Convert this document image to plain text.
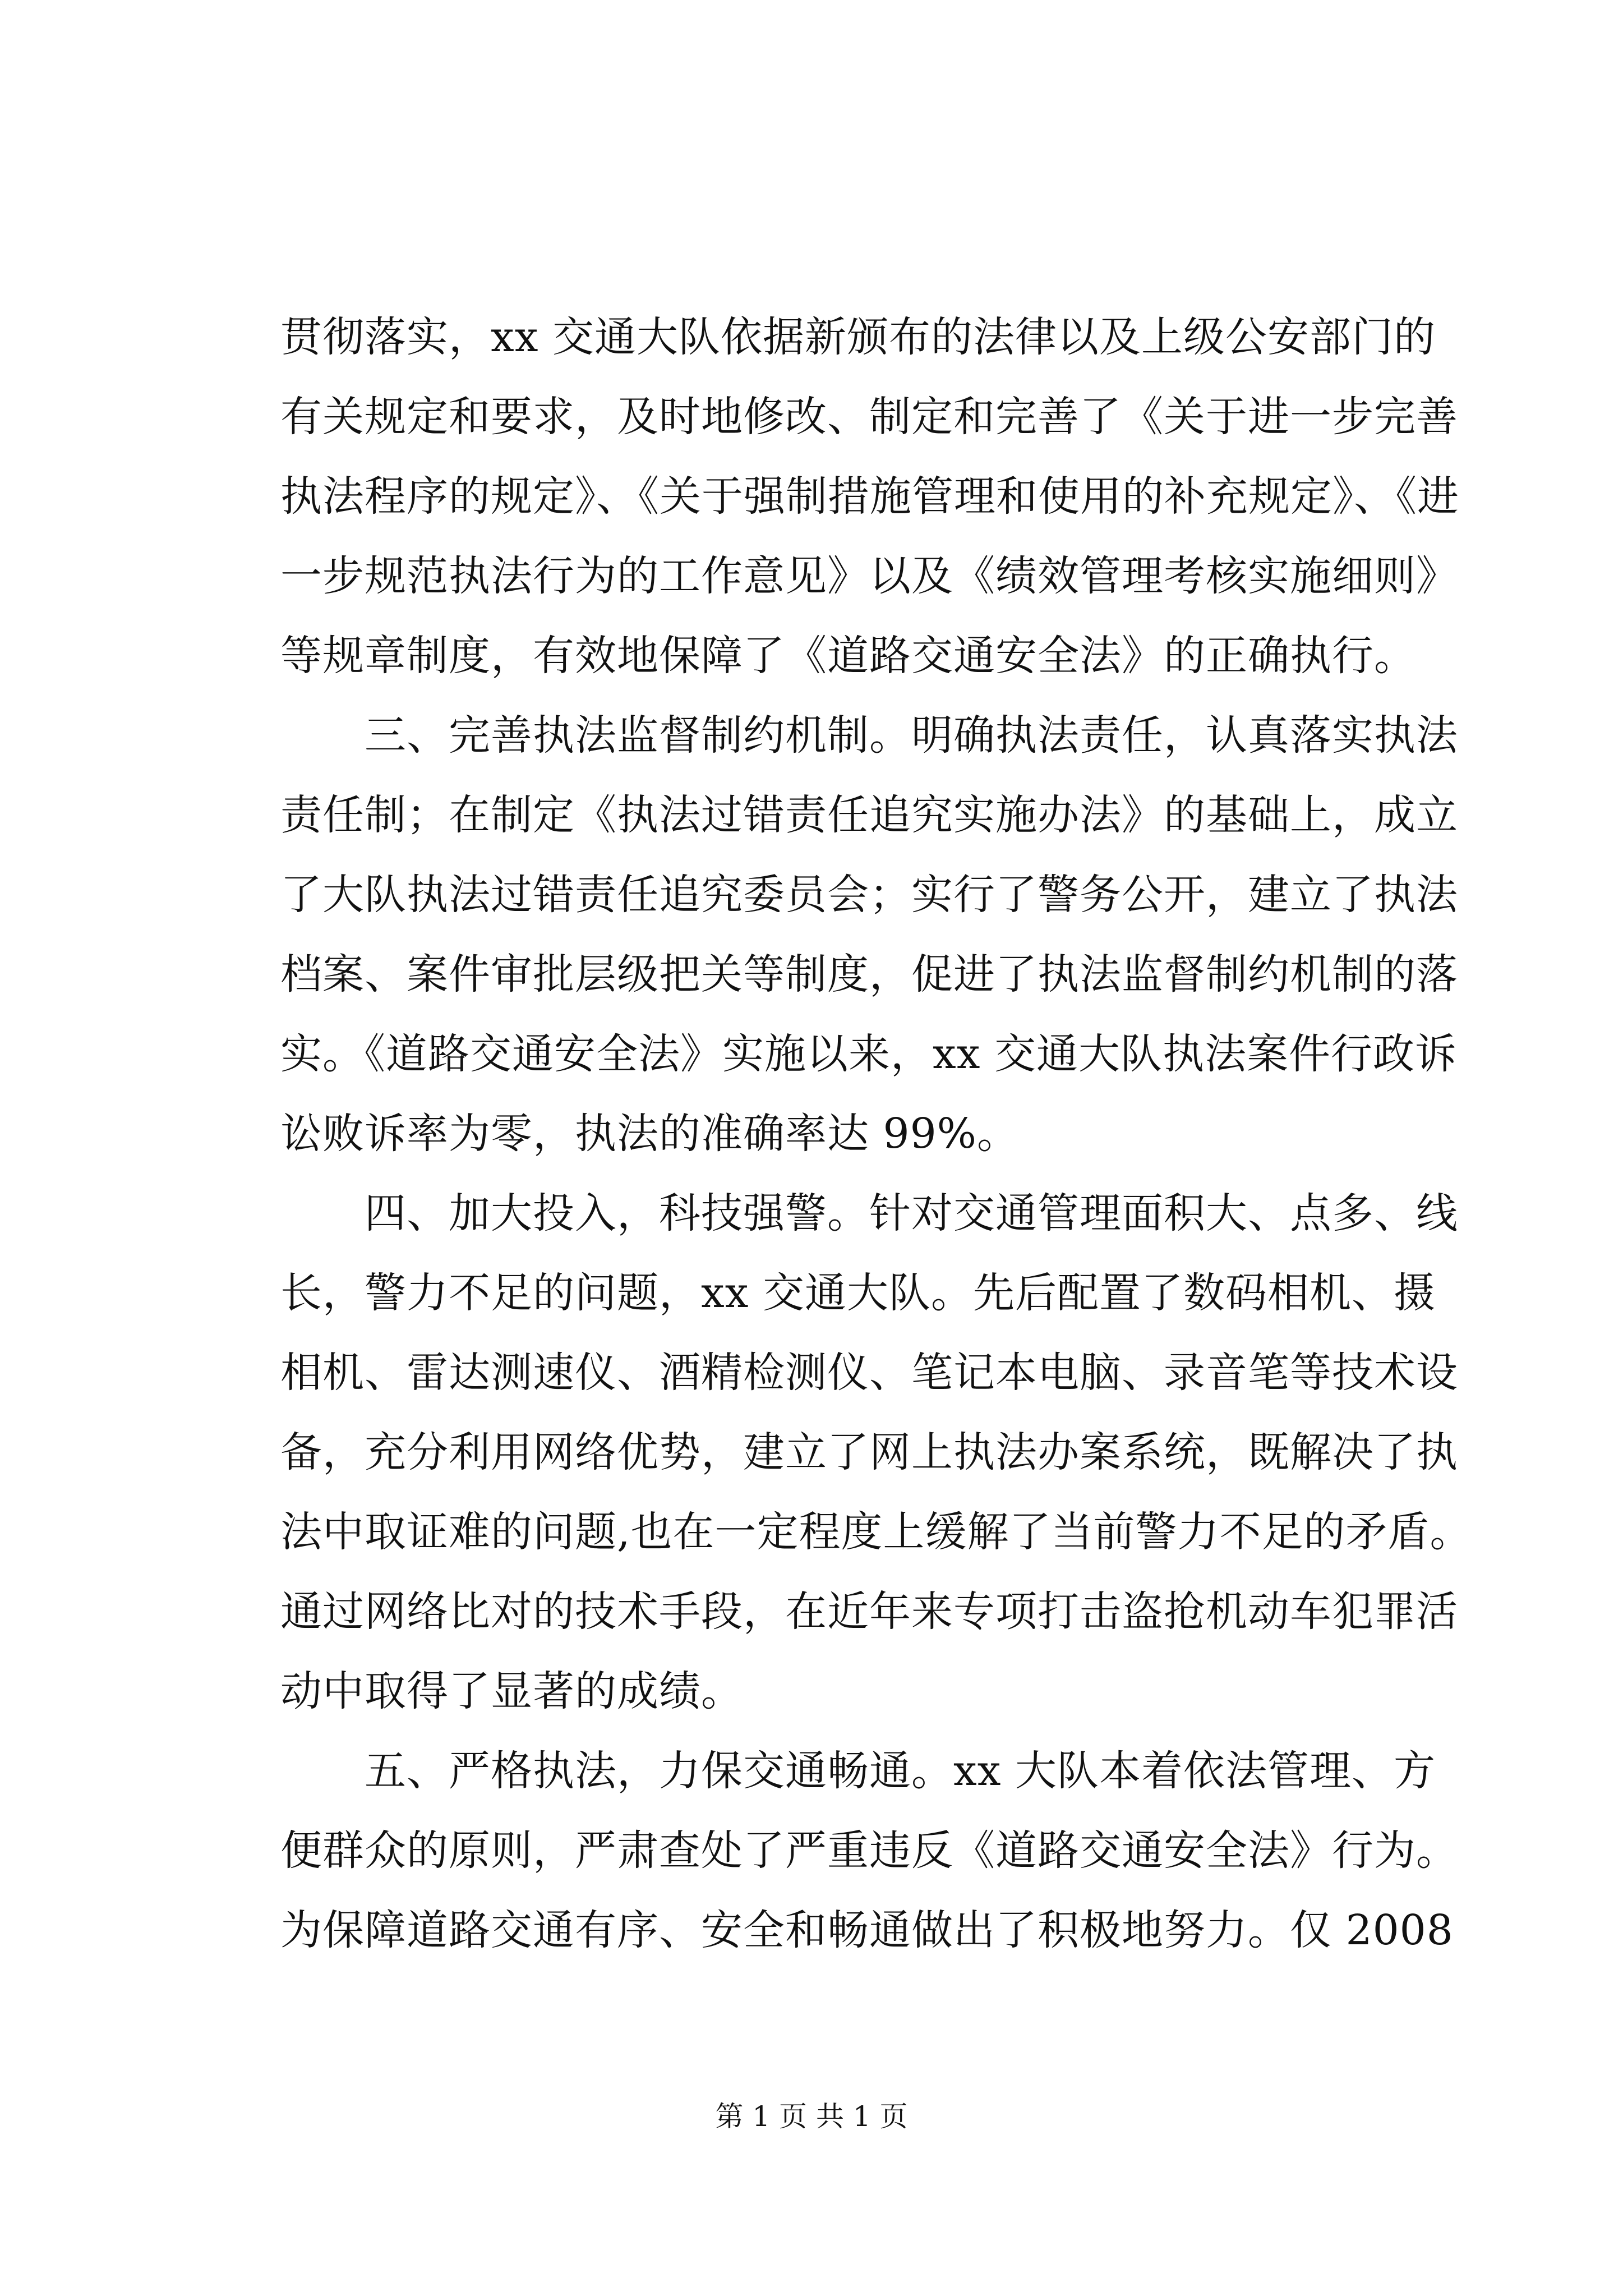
贯彻落实，xx 交通大队依据新颁布的法律以及上级公安部门的
有关规定和要求，及时地修改、制定和完善了《关于进一步完善
执法程序的规定》、《关于强制措施管理和使用的补充规定》、《进
一步规范执法行为的工作意见》以及《绩效管理考核实施细则》
等规章制度，有效地保障了《道路交通安全法》的正确执行。
三、完善执法监督制约机制。明确执法责任，认真落实执法
责任制；在制定《执法过错责任追究实施办法》的基础上，成立
了大队执法过错责任追究委员会；实行了警务公开，建立了执法
档案、案件审批层级把关等制度，促进了执法监督制约机制的落
实。《道路交通安全法》实施以来，xx 交通大队执法案件行政诉
讼败诉率为零，执法的准确率达 99%。
四、加大投入，科技强警。针对交通管理面积大、点多、线
长，警力不足的问题，xx 交通大队。先后配置了数码相机、摄
相机、雷达测速仪、酒精检测仪、笔记本电脑、录音笔等技术设
备，充分利用网络优势，建立了网上执法办案系统，既解决了执
法中取证难的问题,也在一定程度上缓解了当前警力不足的矛盾。
通过网络比对的技术手段，在近年来专项打击盗抢机动车犯罪活
动中取得了显著的成绩。
五、严格执法，力保交通畅通。xx 大队本着依法管理、方
便群众的原则，严肃查处了严重违反《道路交通安全法》行为。
为保障道路交通有序、安全和畅通做出了积极地努力。仅 2008
第 1 页 共 1 页
